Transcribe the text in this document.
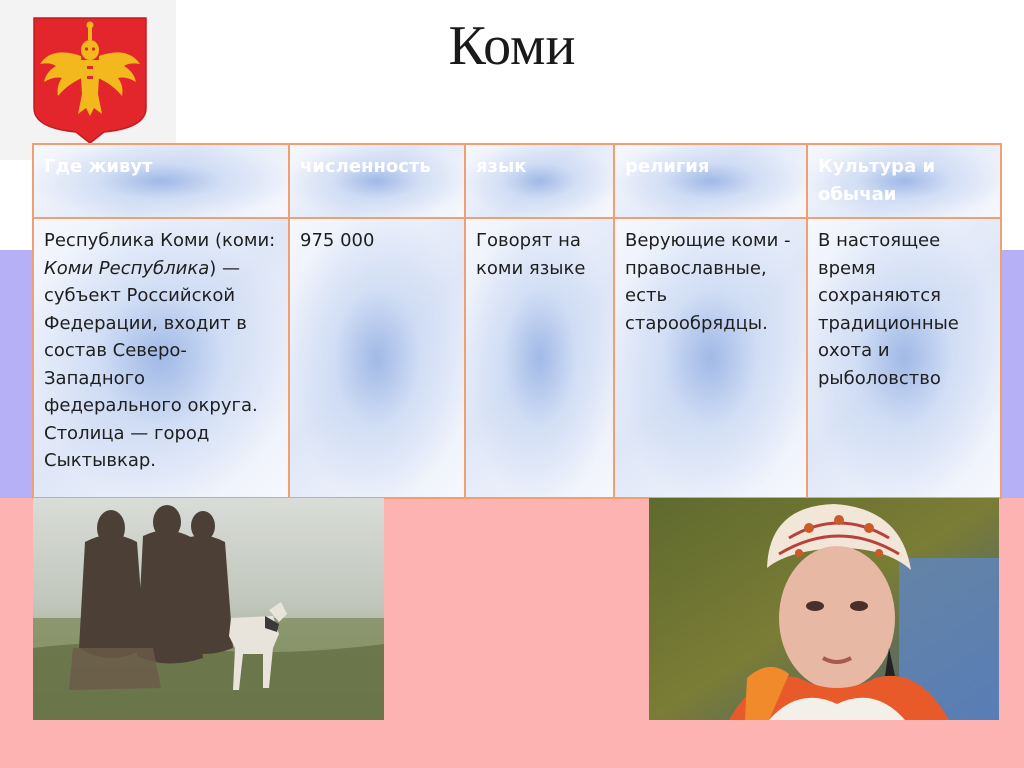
Коми
Где живут	численность	язык	религия	Культура и обычаи
Республика Коми (коми: Коми Республика) — субъект Российской Федерации, входит в состав Северо-Западного федерального округа. Столица — город Сыктывкар.	975 000	Говорят на коми языке	Верующие коми - православные, есть старообрядцы.	В настоящее время сохраняются традиционные охота и рыболовство
